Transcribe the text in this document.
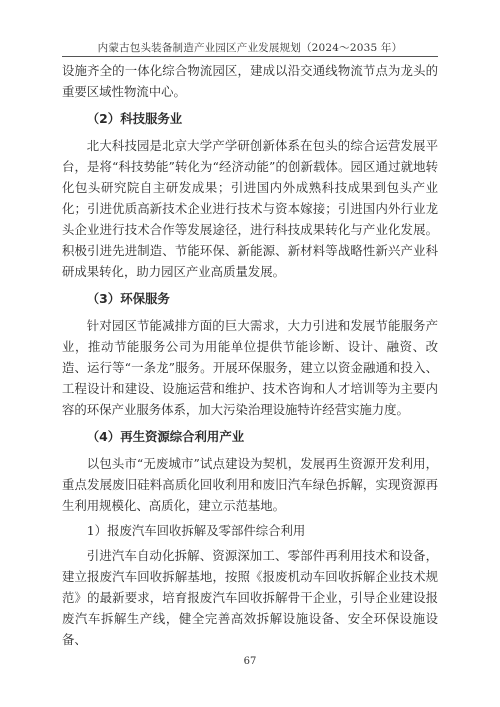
内蒙古包头装备制造产业园区产业发展规划（2024～2035 年）

设施齐全的一体化综合物流园区，建成以沿交通线物流节点为龙头的重要区域性物流中心。

（2）科技服务业

北大科技园是北京大学产学研创新体系在包头的综合运营发展平台，是将“科技势能”转化为“经济动能”的创新载体。园区通过就地转化包头研究院自主研发成果；引进国内外成熟科技成果到包头产业化；引进优质高新技术企业进行技术与资本嫁接；引进国内外行业龙头企业进行技术合作等发展途径，进行科技成果转化与产业化发展。积极引进先进制造、节能环保、新能源、新材料等战略性新兴产业科研成果转化，助力园区产业高质量发展。

（3）环保服务

针对园区节能减排方面的巨大需求，大力引进和发展节能服务产业，推动节能服务公司为用能单位提供节能诊断、设计、融资、改造、运行等“一条龙”服务。开展环保服务，建立以资金融通和投入、工程设计和建设、设施运营和维护、技术咨询和人才培训等为主要内容的环保产业服务体系，加大污染治理设施特许经营实施力度。

（4）再生资源综合利用产业

以包头市“无废城市”试点建设为契机，发展再生资源开发利用，重点发展废旧硅料高质化回收利用和废旧汽车绿色拆解，实现资源再生利用规模化、高质化，建立示范基地。

1）报废汽车回收拆解及零部件综合利用

引进汽车自动化拆解、资源深加工、零部件再利用技术和设备，建立报废汽车回收拆解基地，按照《报废机动车回收拆解企业技术规范》的最新要求，培育报废汽车回收拆解骨干企业，引导企业建设报废汽车拆解生产线，健全完善高效拆解设施设备、安全环保设施设备、

67
